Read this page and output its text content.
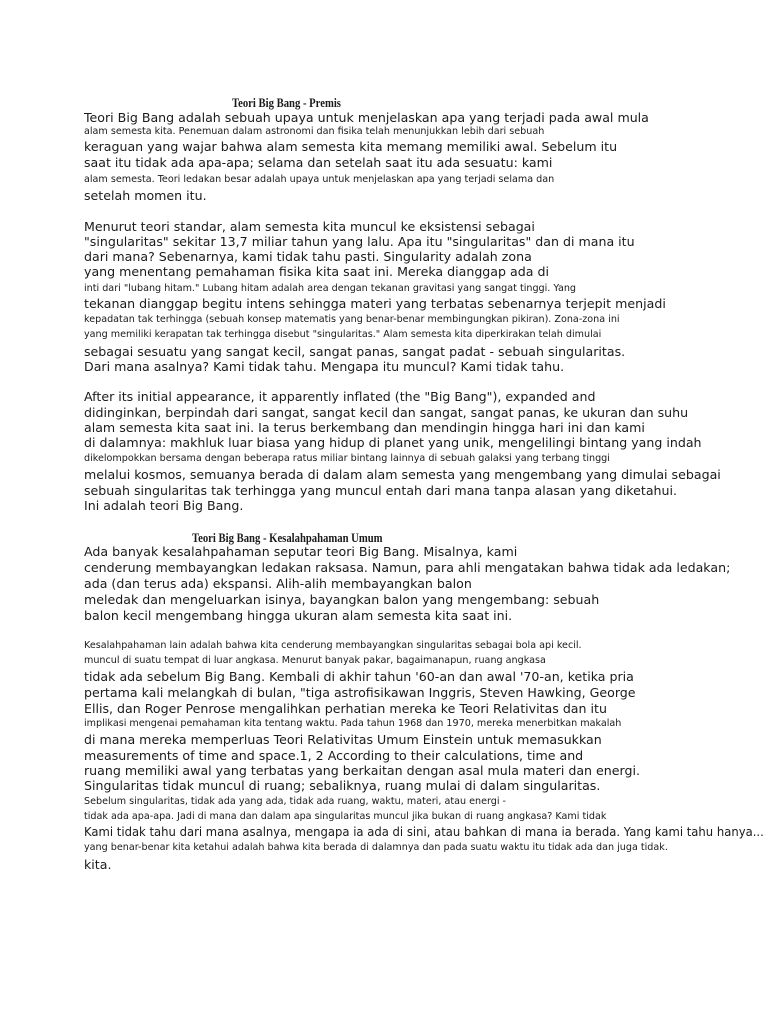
Teori Big Bang - Premis
Teori Big Bang adalah sebuah upaya untuk menjelaskan apa yang terjadi pada awal mula
alam semesta kita. Penemuan dalam astronomi dan fisika telah menunjukkan lebih dari sebuah
keraguan yang wajar bahwa alam semesta kita memang memiliki awal. Sebelum itu
saat itu tidak ada apa-apa; selama dan setelah saat itu ada sesuatu: kami
alam semesta. Teori ledakan besar adalah upaya untuk menjelaskan apa yang terjadi selama dan
setelah momen itu.
Menurut teori standar, alam semesta kita muncul ke eksistensi sebagai
"singularitas" sekitar 13,7 miliar tahun yang lalu. Apa itu "singularitas" dan di mana itu
dari mana? Sebenarnya, kami tidak tahu pasti. Singularity adalah zona
yang menentang pemahaman fisika kita saat ini. Mereka dianggap ada di
inti dari "lubang hitam." Lubang hitam adalah area dengan tekanan gravitasi yang sangat tinggi. Yang
tekanan dianggap begitu intens sehingga materi yang terbatas sebenarnya terjepit menjadi
kepadatan tak terhingga (sebuah konsep matematis yang benar-benar membingungkan pikiran). Zona-zona ini
yang memiliki kerapatan tak terhingga disebut "singularitas." Alam semesta kita diperkirakan telah dimulai
sebagai sesuatu yang sangat kecil, sangat panas, sangat padat - sebuah singularitas.
Dari mana asalnya? Kami tidak tahu. Mengapa itu muncul? Kami tidak tahu.
After its initial appearance, it apparently inflated (the "Big Bang"), expanded and
didinginkan, berpindah dari sangat, sangat kecil dan sangat, sangat panas, ke ukuran dan suhu
alam semesta kita saat ini. Ia terus berkembang dan mendingin hingga hari ini dan kami
di dalamnya: makhluk luar biasa yang hidup di planet yang unik, mengelilingi bintang yang indah
dikelompokkan bersama dengan beberapa ratus miliar bintang lainnya di sebuah galaksi yang terbang tinggi
melalui kosmos, semuanya berada di dalam alam semesta yang mengembang yang dimulai sebagai
sebuah singularitas tak terhingga yang muncul entah dari mana tanpa alasan yang diketahui.
Ini adalah teori Big Bang.
Teori Big Bang - Kesalahpahaman Umum
Ada banyak kesalahpahaman seputar teori Big Bang. Misalnya, kami
cenderung membayangkan ledakan raksasa. Namun, para ahli mengatakan bahwa tidak ada ledakan;
ada (dan terus ada) ekspansi. Alih-alih membayangkan balon
meledak dan mengeluarkan isinya, bayangkan balon yang mengembang: sebuah
balon kecil mengembang hingga ukuran alam semesta kita saat ini.
Kesalahpahaman lain adalah bahwa kita cenderung membayangkan singularitas sebagai bola api kecil.
muncul di suatu tempat di luar angkasa. Menurut banyak pakar, bagaimanapun, ruang angkasa
tidak ada sebelum Big Bang. Kembali di akhir tahun '60-an dan awal '70-an, ketika pria
pertama kali melangkah di bulan, "tiga astrofisikawan Inggris, Steven Hawking, George
Ellis, dan Roger Penrose mengalihkan perhatian mereka ke Teori Relativitas dan itu
implikasi mengenai pemahaman kita tentang waktu. Pada tahun 1968 dan 1970, mereka menerbitkan makalah
di mana mereka memperluas Teori Relativitas Umum Einstein untuk memasukkan
measurements of time and space.1, 2 According to their calculations, time and
ruang memiliki awal yang terbatas yang berkaitan dengan asal mula materi dan energi.
Singularitas tidak muncul di ruang; sebaliknya, ruang mulai di dalam singularitas.
Sebelum singularitas, tidak ada yang ada, tidak ada ruang, waktu, materi, atau energi -
tidak ada apa-apa. Jadi di mana dan dalam apa singularitas muncul jika bukan di ruang angkasa? Kami tidak
Kami tidak tahu dari mana asalnya, mengapa ia ada di sini, atau bahkan di mana ia berada. Yang kami tahu hanya...
yang benar-benar kita ketahui adalah bahwa kita berada di dalamnya dan pada suatu waktu itu tidak ada dan juga tidak.
kita.
